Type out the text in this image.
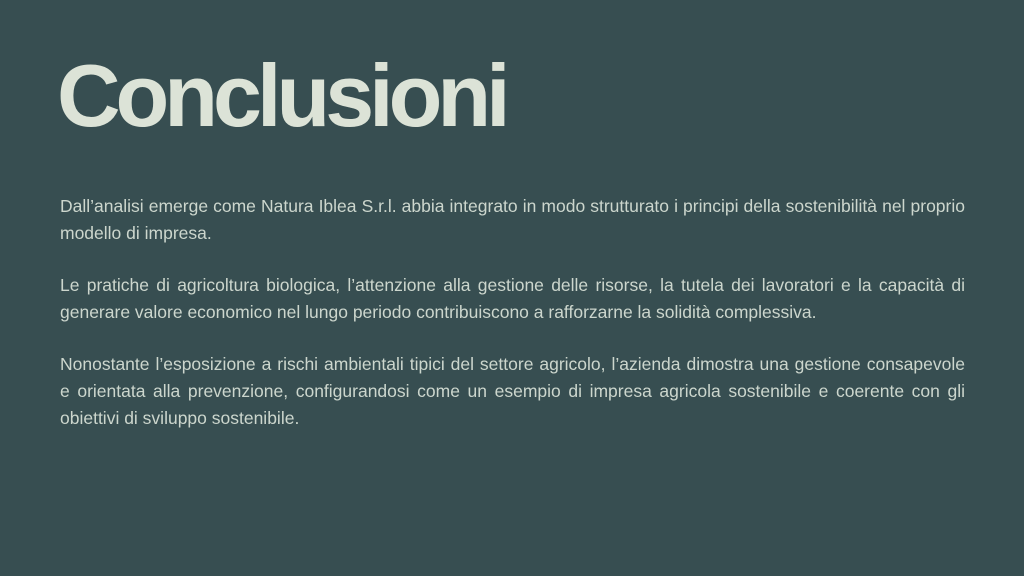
Conclusioni

Dall’analisi emerge come Natura Iblea S.r.l. abbia integrato in modo strutturato i principi della sostenibilità nel proprio modello di impresa.

Le pratiche di agricoltura biologica, l’attenzione alla gestione delle risorse, la tutela dei lavoratori e la capacità di generare valore economico nel lungo periodo contribuiscono a rafforzarne la solidità complessiva.

Nonostante l’esposizione a rischi ambientali tipici del settore agricolo, l’azienda dimostra una gestione consapevole e orientata alla prevenzione, configurandosi come un esempio di impresa agricola sostenibile e coerente con gli obiettivi di sviluppo sostenibile.
